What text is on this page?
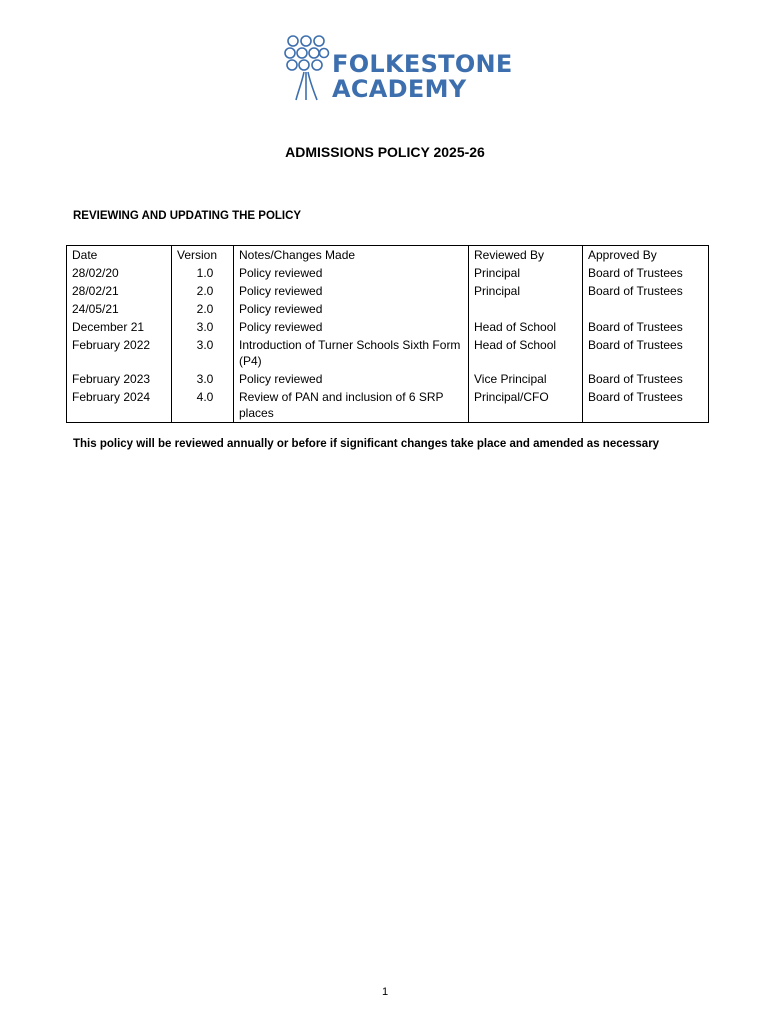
FOLKESTONE
ACADEMY
ADMISSIONS POLICY 2025-26
REVIEWING AND UPDATING THE POLICY
Date	Version	Notes/Changes Made	Reviewed By	Approved By
28/02/20	1.0	Policy reviewed	Principal	Board of Trustees
28/02/21	2.0	Policy reviewed	Principal	Board of Trustees
24/05/21	2.0	Policy reviewed		
December 21	3.0	Policy reviewed	Head of School	Board of Trustees
February 2022	3.0	Introduction of Turner Schools Sixth Form (P4)	Head of School	Board of Trustees
February 2023	3.0	Policy reviewed	Vice Principal	Board of Trustees
February 2024	4.0	Review of PAN and inclusion of 6 SRP places	Principal/CFO	Board of Trustees
This policy will be reviewed annually or before if significant changes take place and amended as necessary
1
